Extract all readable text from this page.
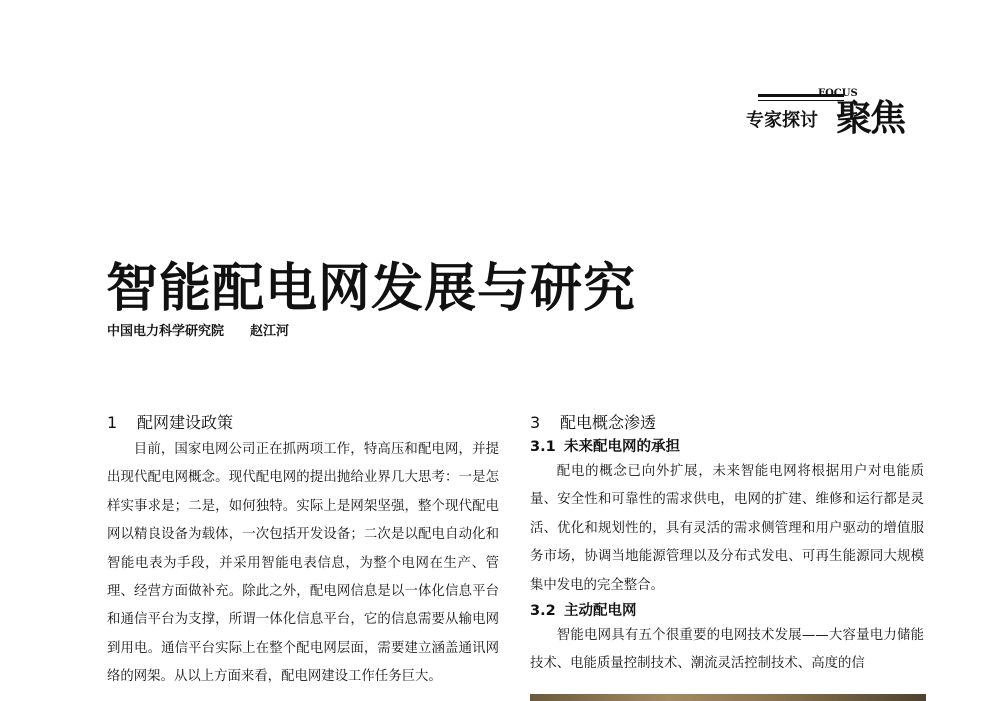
FOCUS
专家探讨 聚焦
智能配电网发展与研究
中国电力科学研究院 赵江河
1 配网建设政策

目前，国家电网公司正在抓两项工作，特高压和配电网，并提出现代配电网概念。现代配电网的提出抛给业界几大思考：一是怎样实事求是；二是，如何独特。实际上是网架坚强，整个现代配电网以精良设备为载体，一次包括开发设备；二次是以配电自动化和智能电表为手段，并采用智能电表信息，为整个电网在生产、管理、经营方面做补充。除此之外，配电网信息是以一体化信息平台和通信平台为支撑，所谓一体化信息平台，它的信息需要从输电网到用电。通信平台实际上在整个配电网层面，需要建立涵盖通讯网络的网架。从以上方面来看，配电网建设工作任务巨大。

3 配电概念渗透
3.1 未来配电网的承担

配电的概念已向外扩展，未来智能电网将根据用户对电能质量、安全性和可靠性的需求供电，电网的扩建、维修和运行都是灵活、优化和规划性的，具有灵活的需求侧管理和用户驱动的增值服务市场，协调当地能源管理以及分布式发电、可再生能源同大规模集中发电的完全整合。

3.2 主动配电网

智能电网具有五个很重要的电网技术发展——大容量电力储能技术、电能质量控制技术、潮流灵活控制技术、高度的信
